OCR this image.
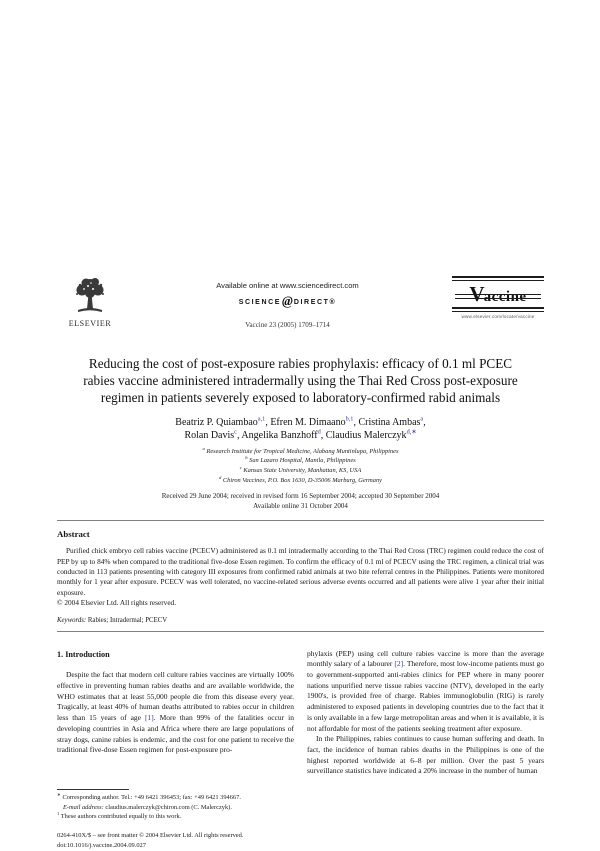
ELSEVIER
Available online at www.sciencedirect.com
SCIENCE @ DIRECT®
Vaccine 23 (2005) 1709–1714
Vaccine
www.elsevier.com/locate/vaccine
Reducing the cost of post-exposure rabies prophylaxis: efficacy of 0.1 ml PCEC rabies vaccine administered intradermally using the Thai Red Cross post-exposure regimen in patients severely exposed to laboratory-confirmed rabid animals
Beatriz P. Quiambao$^{a,1}$, Efren M. Dimaano$^{b,1}$, Cristina Ambas$^a$,
Rolan Davis$^c$, Angelika Banzhoff$^d$, Claudius Malerczyk$^{d,∗}$
$^a$ Research Institute for Tropical Medicine, Alabang Muntinlupa, Philippines
$^b$ San Lazaro Hospital, Manila, Philippines
$^c$ Kansas State University, Manhattan, KS, USA
$^d$ Chiron Vaccines, P.O. Box 1630, D-35006 Marburg, Germany
Received 29 June 2004; received in revised form 16 September 2004; accepted 30 September 2004
Available online 31 October 2004
Abstract

Purified chick embryo cell rabies vaccine (PCECV) administered as 0.1 ml intradermally according to the Thai Red Cross (TRC) regimen could reduce the cost of PEP by up to 84% when compared to the traditional five-dose Essen regimen. To confirm the efficacy of 0.1 ml of PCECV using the TRC regimen, a clinical trial was conducted in 113 patients presenting with category III exposures from confirmed rabid animals at two bite referral centres in the Philippines. Patients were monitored monthly for 1 year after exposure. PCECV was well tolerated, no vaccine-related serious adverse events occurred and all patients were alive 1 year after their initial exposure.

© 2004 Elsevier Ltd. All rights reserved.

Keywords: Rabies; Intradermal; PCECV
1. Introduction

Despite the fact that modern cell culture rabies vaccines are virtually 100% effective in preventing human rabies deaths and are available worldwide, the WHO estimates that at least 55,000 people die from this disease every year. Tragically, at least 40% of human deaths attributed to rabies occur in children less than 15 years of age [1]. More than 99% of the fatalities occur in developing countries in Asia and Africa where there are large populations of stray dogs, canine rabies is endemic, and the cost for one patient to receive the traditional five-dose Essen regimen for post-exposure pro-

phylaxis (PEP) using cell culture rabies vaccine is more than the average monthly salary of a labourer [2]. Therefore, most low-income patients must go to government-supported anti-rabies clinics for PEP where in many poorer nations unpurified nerve tissue rabies vaccine (NTV), developed in the early 1900's, is provided free of charge. Rabies immunoglobulin (RIG) is rarely administered to exposed patients in developing countries due to the fact that it is only available in a few large metropolitan areas and when it is available, it is not affordable for most of the patients seeking treatment after exposure.

In the Philippines, rabies continues to cause human suffering and death. In fact, the incidence of human rabies deaths in the Philippines is one of the highest reported worldwide at 6–8 per million. Over the past 5 years surveillance statistics have indicated a 20% increase in the number of human

∗ Corresponding author. Tel.: +49 6421 396453; fax: +49 6421 394667.
E-mail address: claudius.malerczyk@chiron.com (C. Malerczyk).
$^1$ These authors contributed equally to this work.
0264-410X/$ – see front matter © 2004 Elsevier Ltd. All rights reserved.
doi:10.1016/j.vaccine.2004.09.027
